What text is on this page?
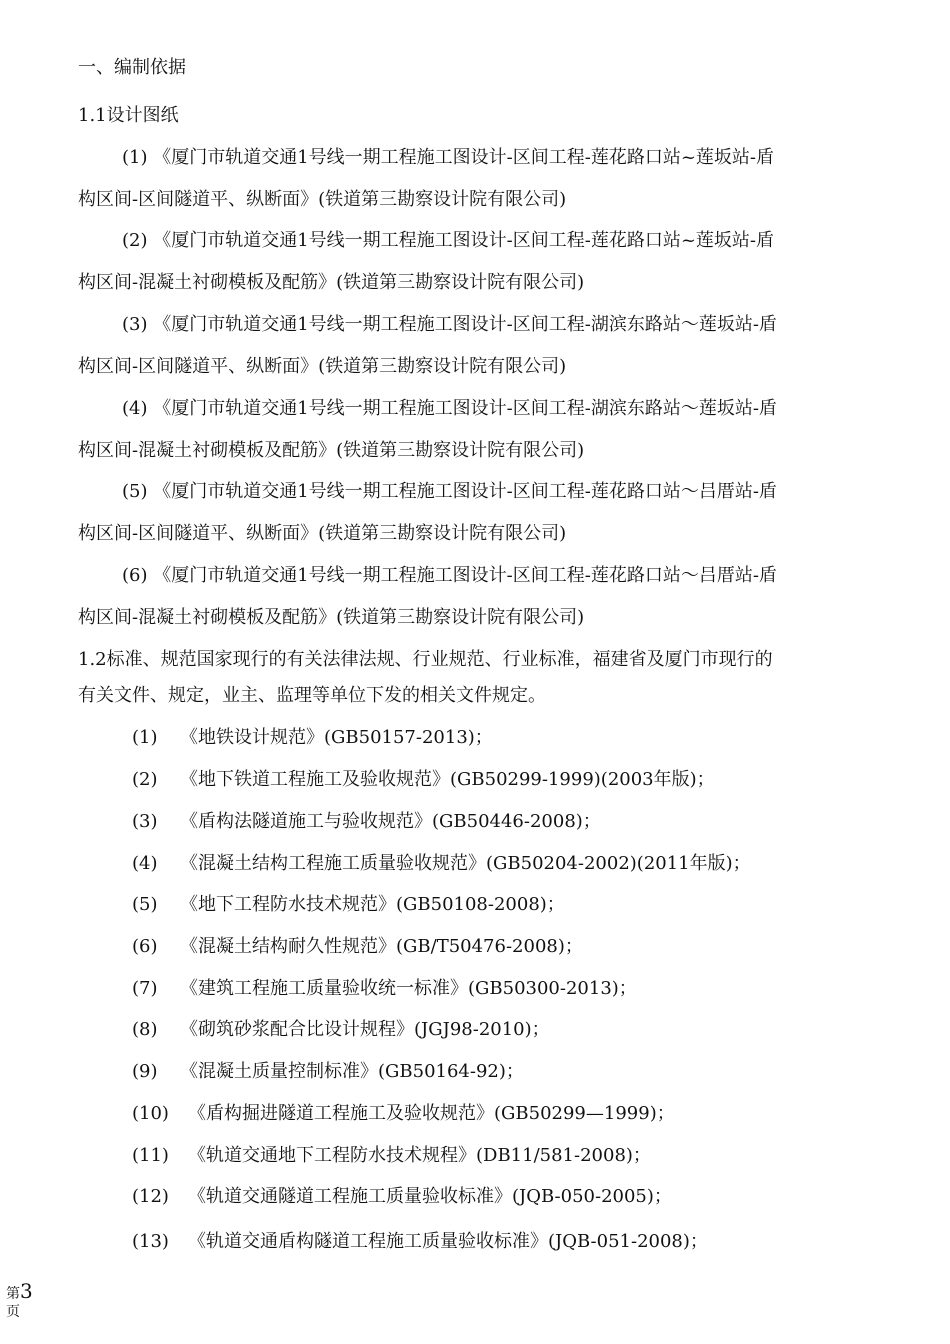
一、编制依据
1.1设计图纸
(1) 《厦门市轨道交通1号线一期工程施工图设计-区间工程-莲花路口站~莲坂站-盾
构区间-区间隧道平、纵断面》(铁道第三勘察设计院有限公司)
(2) 《厦门市轨道交通1号线一期工程施工图设计-区间工程-莲花路口站~莲坂站-盾
构区间-混凝土衬砌模板及配筋》(铁道第三勘察设计院有限公司)
(3) 《厦门市轨道交通1号线一期工程施工图设计-区间工程-湖滨东路站～莲坂站-盾
构区间-区间隧道平、纵断面》(铁道第三勘察设计院有限公司)
(4) 《厦门市轨道交通1号线一期工程施工图设计-区间工程-湖滨东路站～莲坂站-盾
构区间-混凝土衬砌模板及配筋》(铁道第三勘察设计院有限公司)
(5) 《厦门市轨道交通1号线一期工程施工图设计-区间工程-莲花路口站～吕厝站-盾
构区间-区间隧道平、纵断面》(铁道第三勘察设计院有限公司)
(6) 《厦门市轨道交通1号线一期工程施工图设计-区间工程-莲花路口站～吕厝站-盾
构区间-混凝土衬砌模板及配筋》(铁道第三勘察设计院有限公司)
1.2标准、规范国家现行的有关法律法规、行业规范、行业标准，福建省及厦门市现行的
有关文件、规定，业主、监理等单位下发的相关文件规定。
(1) 《地铁设计规范》(GB50157-2013)；
(2) 《地下铁道工程施工及验收规范》(GB50299-1999)(2003年版)；
(3) 《盾构法隧道施工与验收规范》(GB50446-2008)；
(4) 《混凝土结构工程施工质量验收规范》(GB50204-2002)(2011年版)；
(5) 《地下工程防水技术规范》(GB50108-2008)；
(6) 《混凝土结构耐久性规范》(GB/T50476-2008)；
(7) 《建筑工程施工质量验收统一标准》(GB50300-2013)；
(8) 《砌筑砂浆配合比设计规程》(JGJ98-2010)；
(9) 《混凝土质量控制标准》(GB50164-92)；
(10) 《盾构掘进隧道工程施工及验收规范》(GB50299—1999)；
(11) 《轨道交通地下工程防水技术规程》(DB11/581-2008)；
(12) 《轨道交通隧道工程施工质量验收标准》(JQB-050-2005)；
(13) 《轨道交通盾构隧道工程施工质量验收标准》(JQB-051-2008)；
第3
页
